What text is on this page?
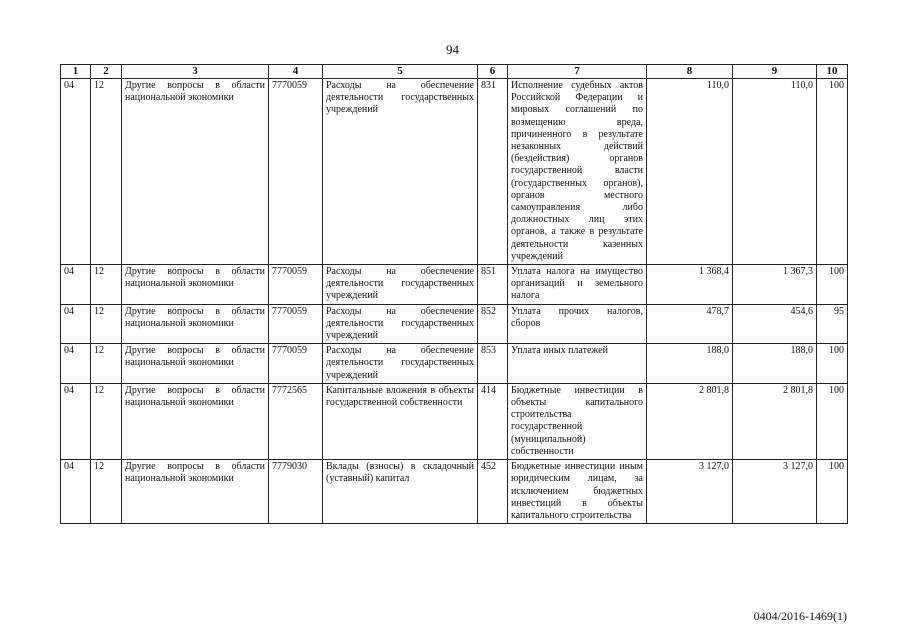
94
1	2	3	4	5	6	7	8	9	10
04	12	Другие вопросы в области национальной экономики	7770059	Расходы на обеспечение деятельности государственных учреждений	831	Исполнение судебных актов Российской Федерации и мировых соглашений по возмещению вреда, причиненного в результате незаконных действий (бездействия) органов государственной власти (государственных органов), органов местного самоуправления либо должностных лиц этих органов, а также в результате деятельности казенных учреждений	110,0	110,0	100
04	12	Другие вопросы в области национальной экономики	7770059	Расходы на обеспечение деятельности государственных учреждений	851	Уплата налога на имущество организаций и земельного налога	1 368,4	1 367,3	100
04	12	Другие вопросы в области национальной экономики	7770059	Расходы на обеспечение деятельности государственных учреждений	852	Уплата прочих налогов, сборов	478,7	454,6	95
04	12	Другие вопросы в области национальной экономики	7770059	Расходы на обеспечение деятельности государственных учреждений	853	Уплата иных платежей	188,0	188,0	100
04	12	Другие вопросы в области национальной экономики	7772565	Капитальные вложения в объекты государственной собственности	414	Бюджетные инвестиции в объекты капитального строительства государственной (муниципальной) собственности	2 801,8	2 801,8	100
04	12	Другие вопросы в области национальной экономики	7779030	Вклады (взносы) в складочный (уставный) капитал	452	Бюджетные инвестиции иным юридическим лицам, за исключением бюджетных инвестиций в объекты капитального строительства	3 127,0	3 127,0	100
0404/2016-1469(1)
